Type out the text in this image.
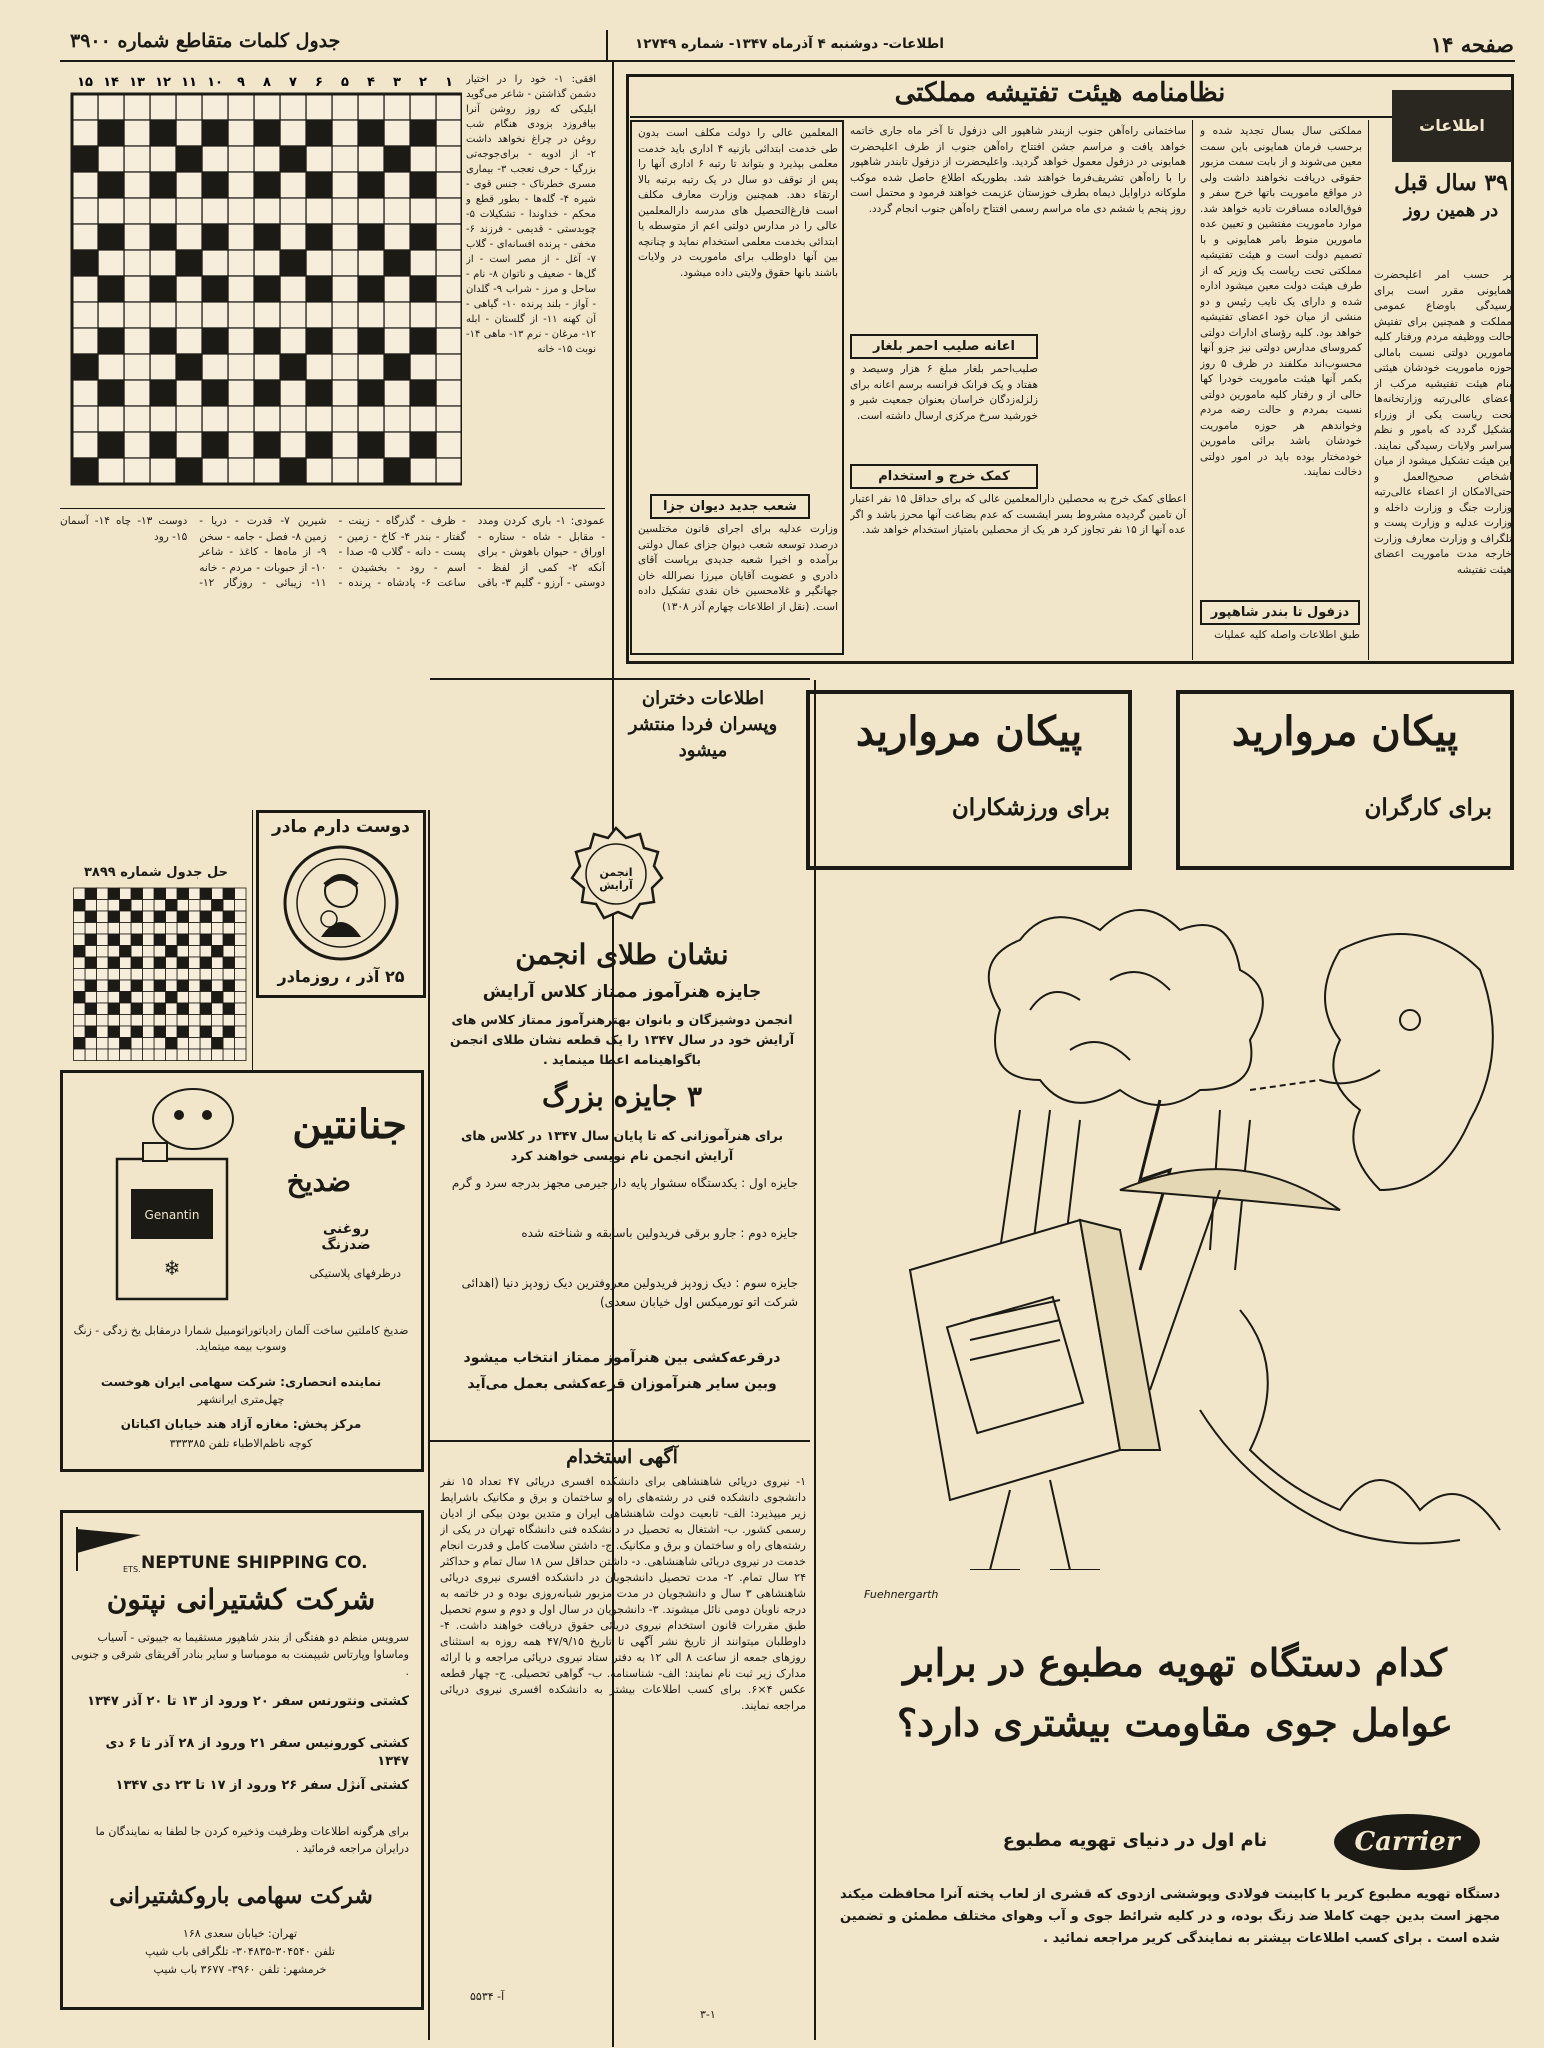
صفحه ۱۴
اطلاعات- دوشنبه ۴ آذرماه ۱۳۴۷- شماره ۱۲۷۴۹
جدول کلمات متقاطع شماره ۳۹۰۰
نظامنامه هیئت تفتیشه مملکتی
اطلاعات
۳۹ سال قبل
در همین روز
بر حسب امر اعلیحضرت همایونی مقرر است برای رسیدگی باوضاع عمومی مملکت و همچنین برای تفتیش حالت ووظیفه مردم ورفتار کلیه مامورین دولتی نسبت بامالی حوزه ماموریت خودشان هیئتی بنام هیئت تفتیشیه مرکب از اعضای عالی‌رتبه وزارتخانه‌ها تحت ریاست یکی از وزراء تشکیل گردد که بامور و نظم سراسر ولایات رسیدگی نمایند. این هیئت تشکیل میشود از میان اشخاص صحیح‌العمل و حتی‌الامکان از اعضاء عالی‌رتبه وزارت جنگ و وزارت داخله و وزارت عدلیه و وزارت پست و تلگراف و وزارت معارف وزارت خارجه مدت ماموریت اعضای هیئت تفتیشه
مملکتی سال بسال تجدید شده و برحسب فرمان همایونی باین سمت معین می‌شوند و از بابت سمت مزبور حقوقی دریافت نخواهند داشت ولی در مواقع ماموریت باتها خرج سفر و فوق‌العاده مسافرت تادیه خواهد شد. موارد ماموریت مفتشین و تعیین عده مامورین منوط بامر همایونی و با تصمیم دولت است و هیئت تفتیشیه مملکتی تحت ریاست یک وزیر که از طرف هیئت دولت معین میشود اداره شده و دارای یک نایب رئیس و دو منشی از میان خود اعضای تفتیشیه خواهد بود. کلیه رؤسای ادارات دولتی کمروسای مدارس دولتی نیز جزو آنها محسوب‌اند مکلفند در ظرف ۵ روز بکمر آنها هیئت ماموریت خودرا کها حالی از و رفتار کلیه مامورین دولتی نسبت بمردم و حالت رضه مردم وخواندهم هر حوزه ماموریت خودشان باشد برائی مامورین خودمختار بوده باید در امور دولتی دخالت نمایند.
دزفول تا بندر شاهپور
طبق اطلاعات واصله کلیه عملیات
ساختمانی راه‌آهن جنوب ازبندر شاهپور الی دزفول تا آخر ماه جاری خاتمه خواهد یافت و مراسم جشن افتتاح راه‌آهن جنوب از طرف اعلیحضرت همایونی در دزفول معمول خواهد گردید. واعلیحضرت از دزفول تابندر شاهپور را با راه‌آهن تشریف‌فرما خواهند شد. بطوریکه اطلاع حاصل شده موکب ملوکانه دراوایل دیماه بطرف خوزستان عزیمت خواهند فرمود و محتمل است روز پنجم یا ششم دی ماه مراسم رسمی افتتاح راه‌آهن جنوب انجام گردد.
اعانه صلیب احمر بلغار
صلیب‌احمر بلغار مبلغ ۶ هزار وسیصد و هفتاد و یک فرانک فرانسه برسم اعانه برای زلزله‌زدگان خراسان بعنوان جمعیت شیر و خورشید سرخ مرکزی ارسال داشته است.
کمک خرج و استخدام
اعطای کمک خرج به محصلین دارالمعلمین عالی که برای حداقل ۱۵ نفر اعتبار آن تامین گردیده مشروط بسر ایشست که عدم بضاعت آنها محرز باشد و اگر عده آنها از ۱۵ نفر تجاوز کرد هر یک از محصلین بامتیاز استخدام خواهد شد.
المعلمین عالی را دولت مکلف است بدون طی خدمت ابتدائی بازنیه ۴ اداری باید خدمت معلمی بپذیرد و بتواند تا رتبه ۶ اداری آنها را پس از توقف دو سال در یک رتبه برتبه بالا ارتقاء دهد. همچنین وزارت معارف مکلف است فارغ‌التحصیل های مدرسه دارالمعلمین عالی را در مدارس دولتی اعم از متوسطه یا ابتدائی بخدمت معلمی استخدام نماید و چنانچه بین آنها داوطلب برای ماموریت در ولایات باشند بانها حقوق ولایتی داده میشود.
شعب جدید دیوان جزا
وزارت عدلیه برای اجرای قانون مختلسین درصدد توسعه شعب دیوان جزای عمال دولتی برآمده و اخیرا شعبه جدیدی بریاست آقای دادری و عضویت آقایان میرزا نصرالله خان جهانگیر و غلامحسین خان نقدی تشکیل داده است. (نقل از اطلاعات چهارم آذر ۱۳۰۸)
۱
۲
۳
۴
۵
۶
۷
۸
۹
۱۰
۱۱
۱۲
۱۳
۱۴
۱۵	افقی: ۱- خود را در اختیار دشمن گذاشتن - شاعر می‌گوید ایلیکی که روز روشن آنرا بیافروزد بزودی هنگام شب روغن در چراغ نخواهد داشت ۲- از ادویه - برای‌جوجه‌تی بزرگیا - حرف تعجب ۳- بیماری مسری خطرناک - جنس قوی - شیره ۴- گله‌ها - بطور قطع و محکم - خداوندا - تشکیلات ۵- چوبدستی - قدیمی - فرزند ۶- مخفی - پرنده افسانه‌ای - گلاب ۷- آغل - از مصر است - از گل‌ها - ضعیف و ناتوان ۸- نام - ساحل و مرز - شراب ۹- گلدان - آواز - بلند پرنده ۱۰- گیاهی - آن کهنه ۱۱- از گلستان - ابله ۱۲- مرغان - نرم ۱۳- ماهی ۱۴- نوبت ۱۵- خانه
عمودی: ۱- باری کردن ومدد - مقابل - شاه - ستاره - اوراق - حیوان باهوش - برای آنکه ۲- کمی از لفظ - دوستی - آرزو - گلیم ۳- باقی - ظرف - گذرگاه - زینت - گفتار - بندر ۴- کاخ - زمین - پست - دانه - گلاب ۵- صدا - اسم - رود - بخشیدن - ساعت ۶- پادشاه - پرنده - شیرین ۷- قدرت - دریا - زمین ۸- فصل - جامه - سخن ۹- از ماه‌ها - کاغذ - شاعر ۱۰- از حبوبات - مردم - خانه ۱۱- زیبائی - روزگار ۱۲- دوست ۱۳- چاه ۱۴- آسمان ۱۵- رود
حل جدول شماره ۳۸۹۹
دوست دارم مادر
۲۵ آذر ، روزمادر
جنانتین
ضدیخ
روغنی ضدزنگ
درظرفهای پلاستیکی
Genantin
❄
ضدیخ کاملتین ساخت آلمان رادیاتوراتومبیل شمارا درمقابل یخ زدگی - زنگ وسوب بیمه میتماید.
نماینده انحصاری: شرکت سهامی ایران هوخست
چهل‌متری ایرانشهر
مرکز پخش: مغازه آزاد هند خیابان اکباتان
کوچه ناظم‌الاطباء تلفن ۳۳۳۳۸۵
ETS. NEPTUNE SHIPPING CO.
شرکت کشتیرانی نپتون
سرویس منظم دو هفتگی از بندر شاهپور مستقیما به جیبوتی - آسیاب وماساوا وپارتاس شیپمنت به مومباسا و سایر بنادر آفریقای شرقی و جنوبی .
کشتی ونتورنس سفر ۲۰ ورود از ۱۳ تا ۲۰ آذر ۱۳۴۷
کشتی کورونیس سفر ۲۱ ورود از ۲۸ آذر تا ۶ دی ۱۳۴۷
کشتی آنژل سفر ۲۶ ورود از ۱۷ تا ۲۳ دی ۱۳۴۷
برای هرگونه اطلاعات وظرفیت وذخیره کردن جا لطفا به نمایندگان ما درایران مراجعه فرمائید .
شرکت سهامی باروکشتیرانی
تهران: خیابان سعدی ۱۶۸
تلفن ۳۰۴۵۴۰-۳۰۴۸۳۵- تلگرافی باب شیپ
خرمشهر: تلفن ۳۹۶۰- ۳۶۷۷ باب شیپ
انجمن آرایش
نشان طلای انجمن
جایزه هنرآموز ممتاز کلاس آرایش
انجمن دوشیزگان و بانوان بهترهنرآموز ممتاز کلاس های آرایش خود در سال ۱۳۴۷ را یک قطعه نشان طلای انجمن باگواهینامه اعطا مینماید .
۳ جایزه بزرگ
برای هنرآموزانی که تا پایان سال ۱۳۴۷ در کلاس های آرایش انجمن نام نویسی خواهند کرد
جایزه اول : یکدستگاه سشوار پایه دار جیرمی مجهز بدرجه سرد و گرم
جایزه دوم : جارو برقی فریدولین باسابقه و شناخته شده
جایزه سوم : دیک زودپز فریدولین معروفترین دیک زودپز دنیا (اهدائی شرکت اتو تورمیکس اول خیابان سعدی)
درقرعه‌کشی بین هنرآموز ممتاز انتخاب میشود
وبین سایر هنرآموزان قرعه‌کشی بعمل می‌آید
آگهی استخدام
۱- نیروی دریائی شاهنشاهی برای دانشکده افسری دریائی ۴۷ تعداد ۱۵ نفر دانشجوی دانشکده فنی در رشته‌های راه و ساختمان و برق و مکانیک باشرایط زیر میپذیرد: الف- تابعیت دولت شاهنشاهی ایران و متدین بودن بیکی از ادیان رسمی کشور. ب- اشتغال به تحصیل در دانشکده فنی دانشگاه تهران در یکی از رشته‌های راه و ساختمان و برق و مکانیک. ج- داشتن سلامت کامل و قدرت انجام خدمت در نیروی دریائی شاهنشاهی. د- داشتن حداقل سن ۱۸ سال تمام و حداکثر ۲۴ سال تمام. ۲- مدت تحصیل دانشجویان در دانشکده افسری نیروی دریائی شاهنشاهی ۳ سال و دانشجویان در مدت مزبور شبانه‌روزی بوده و در خاتمه به درجه ناوبان دومی نائل میشوند. ۳- دانشجویان در سال اول و دوم و سوم تحصیل طبق مقررات قانون استخدام نیروی دریائی حقوق دریافت خواهند داشت. ۴- داوطلبان میتوانند از تاریخ نشر آگهی تا تاریخ ۴۷/۹/۱۵ همه روزه به استثنای روزهای جمعه از ساعت ۸ الی ۱۲ به دفتر ستاد نیروی دریائی مراجعه و با ارائه مدارک زیر ثبت نام نمایند: الف- شناسنامه. ب- گواهی تحصیلی. ج- چهار قطعه عکس ۴×۶. برای کسب اطلاعات بیشتر به دانشکده افسری نیروی دریائی مراجعه نمایند.
آ- ۵۵۳۴
۳-۱
اطلاعات دختران وپسران فردا منتشر میشود	پیکان مروارید
برای ورزشکاران
پیکان مروارید
برای کارگران
Fuehnergarth
کدام دستگاه تهویه مطبوع در برابر
عوامل جوی مقاومت بیشتری دارد؟
Carrier
نام اول در دنیای تهویه مطبوع
دستگاه تهویه مطبوع کریر با کابینت فولادی وپوششی ازدوی که قشری از لعاب پخته آنرا محافظت میکند مجهز است بدین جهت کاملا ضد زنگ بوده، و در کلیه شرائط جوی و آب وهوای مختلف مطمئن و تضمین شده است . برای کسب اطلاعات بیشتر به نمایندگی کریر مراجعه نمائید .
